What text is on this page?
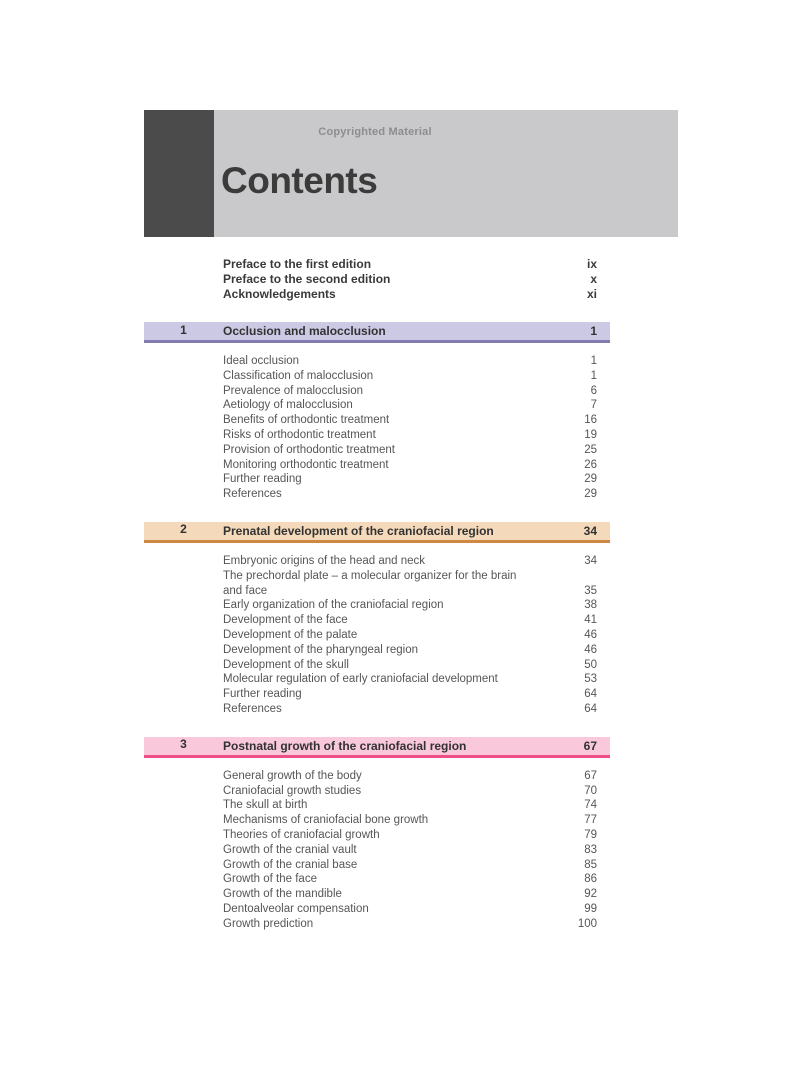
Copyrighted Material
Contents
Preface to the first edition	ix
Preface to the second edition	x
Acknowledgements	xi
1	Occlusion and malocclusion	1
Ideal occlusion	1
Classification of malocclusion	1
Prevalence of malocclusion	6
Aetiology of malocclusion	7
Benefits of orthodontic treatment	16
Risks of orthodontic treatment	19
Provision of orthodontic treatment	25
Monitoring orthodontic treatment	26
Further reading	29
References	29
2	Prenatal development of the craniofacial region	34
Embryonic origins of the head and neck	34
The prechordal plate – a molecular organizer for the brain and face	35
Early organization of the craniofacial region	38
Development of the face	41
Development of the palate	46
Development of the pharyngeal region	46
Development of the skull	50
Molecular regulation of early craniofacial development	53
Further reading	64
References	64
3	Postnatal growth of the craniofacial region	67
General growth of the body	67
Craniofacial growth studies	70
The skull at birth	74
Mechanisms of craniofacial bone growth	77
Theories of craniofacial growth	79
Growth of the cranial vault	83
Growth of the cranial base	85
Growth of the face	86
Growth of the mandible	92
Dentoalveolar compensation	99
Growth prediction	100
